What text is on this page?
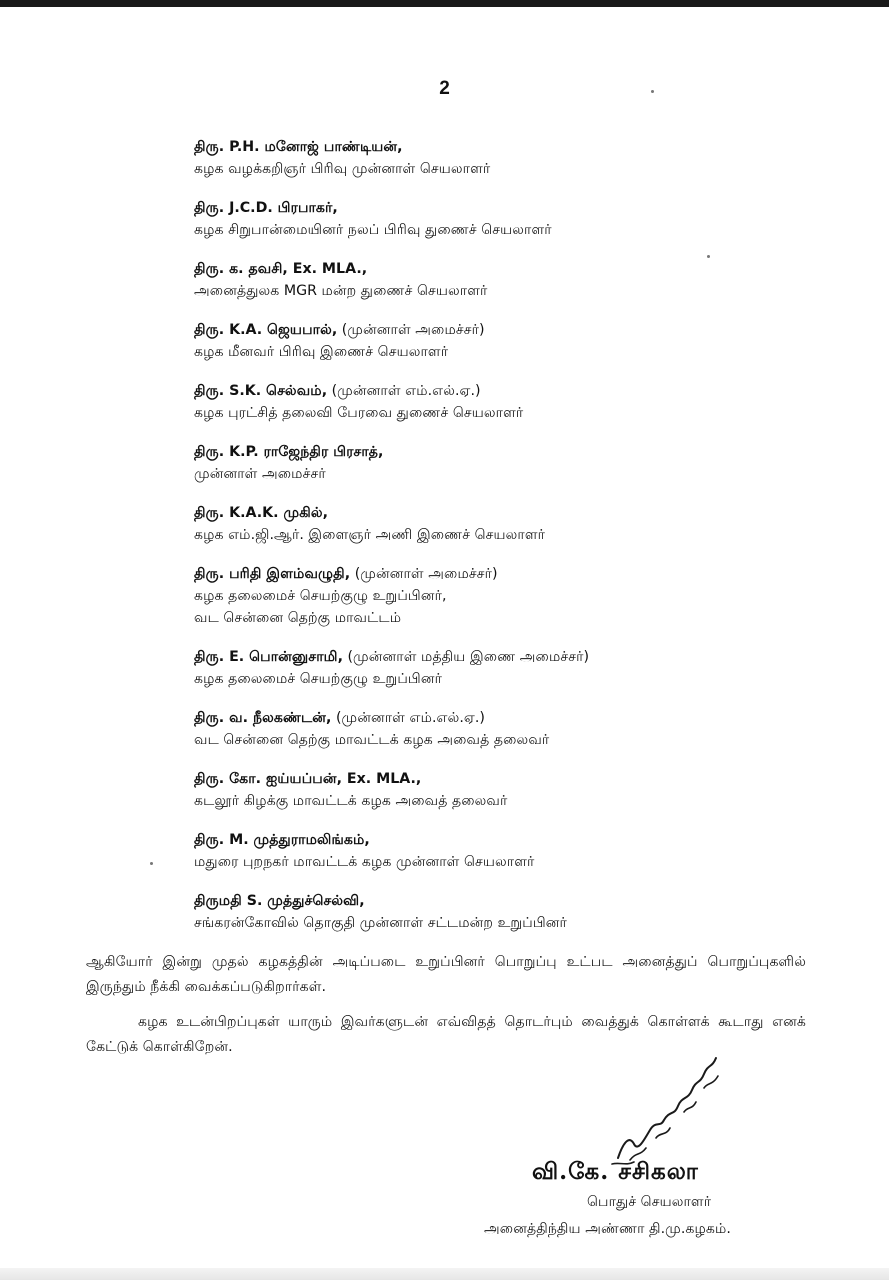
2
திரு. P.H. மனோஜ் பாண்டியன்,
கழக வழக்கறிஞர் பிரிவு முன்னாள் செயலாளர்
திரு. J.C.D. பிரபாகர்,
கழக சிறுபான்மையினர் நலப் பிரிவு துணைச் செயலாளர்
திரு. க. தவசி, Ex. MLA.,
அனைத்துலக MGR மன்ற துணைச் செயலாளர்
திரு. K.A. ஜெயபால், (முன்னாள் அமைச்சர்)
கழக மீனவர் பிரிவு இணைச் செயலாளர்
திரு. S.K. செல்வம், (முன்னாள் எம்.எல்.ஏ.)
கழக புரட்சித் தலைவி பேரவை துணைச் செயலாளர்
திரு. K.P. ராஜேந்திர பிரசாத்,
முன்னாள் அமைச்சர்
திரு. K.A.K. முகில்,
கழக எம்.ஜி.ஆர். இளைஞர் அணி இணைச் செயலாளர்
திரு. பரிதி இளம்வழுதி, (முன்னாள் அமைச்சர்)
கழக தலைமைச் செயற்குழு உறுப்பினர்,
வட சென்னை தெற்கு மாவட்டம்
திரு. E. பொன்னுசாமி, (முன்னாள் மத்திய இணை அமைச்சர்)
கழக தலைமைச் செயற்குழு உறுப்பினர்
திரு. வ. நீலகண்டன், (முன்னாள் எம்.எல்.ஏ.)
வட சென்னை தெற்கு மாவட்டக் கழக அவைத் தலைவர்
திரு. கோ. ஐய்யப்பன், Ex. MLA.,
கடலூர் கிழக்கு மாவட்டக் கழக அவைத் தலைவர்
திரு. M. முத்துராமலிங்கம்,
மதுரை புறநகர் மாவட்டக் கழக முன்னாள் செயலாளர்
திருமதி S. முத்துச்செல்வி,
சங்கரன்கோவில் தொகுதி முன்னாள் சட்டமன்ற உறுப்பினர்
ஆகியோர் இன்று முதல் கழகத்தின் அடிப்படை உறுப்பினர் பொறுப்பு உட்பட அனைத்துப் பொறுப்புகளில் இருந்தும் நீக்கி வைக்கப்படுகிறார்கள்.
கழக உடன்பிறப்புகள் யாரும் இவர்களுடன் எவ்விதத் தொடர்பும் வைத்துக் கொள்ளக் கூடாது எனக் கேட்டுக் கொள்கிறேன்.
வி.கே. சசிகலா
பொதுச் செயலாளர்
அனைத்திந்திய அண்ணா தி.மு.கழகம்.
